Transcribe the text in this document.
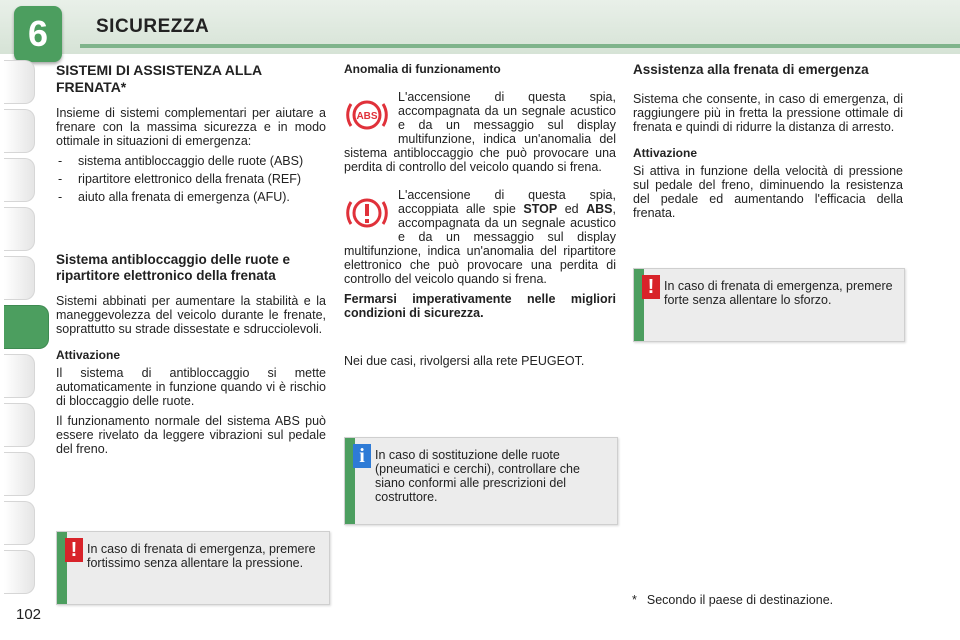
6	SICUREZZA
SISTEMI DI ASSISTENZA ALLA
FRENATA*

Insieme di sistemi complementari per aiutare a frenare con la massima sicurezza e in modo ottimale in situazioni di emergenza:

- sistema antibloccaggio delle ruote (ABS)
- ripartitore elettronico della frenata (REF)
- aiuto alla frenata di emergenza (AFU).
Sistema antibloccaggio delle ruote e ripartitore elettronico della frenata

Sistemi abbinati per aumentare la stabilità e la maneggevolezza del veicolo durante le frenate, soprattutto su strade dissestate e sdrucciolevoli.

Attivazione

Il sistema di antibloccaggio si mette automaticamente in funzione quando vi è rischio di bloccaggio delle ruote.

Il funzionamento normale del sistema ABS può essere rivelato da leggere vibrazioni sul pedale del freno.

! In caso di frenata di emergenza, premere fortissimo senza allentare la pressione.
Anomalia di funzionamento

ABS
L'accensione di questa spia, accompagnata da un segnale acustico e da un messaggio sul display multifunzione, indica un'anomalia del sistema antibloccaggio che può provocare una perdita di controllo del veicolo quando si frena.

L'accensione di questa spia, accoppiata alle spie STOP ed ABS, accompagnata da un segnale acustico e da un messaggio sul display multifunzione, indica un'anomalia del ripartitore elettronico che può provocare una perdita di controllo del veicolo quando si frena.

Fermarsi imperativamente nelle migliori condizioni di sicurezza.

Nei due casi, rivolgersi alla rete PEUGEOT.

i In caso di sostituzione delle ruote (pneumatici e cerchi), controllare che siano conformi alle prescrizioni del costruttore.
Assistenza alla frenata di emergenza

Sistema che consente, in caso di emergenza, di raggiungere più in fretta la pressione ottimale di frenata e quindi di ridurre la distanza di arresto.

Attivazione

Si attiva in funzione della velocità di pressione sul pedale del freno, diminuendo la resistenza del pedale ed aumentando l'efficacia della frenata.

! In caso di frenata di emergenza, premere forte senza allentare lo sforzo.
* Secondo il paese di destinazione.
102
